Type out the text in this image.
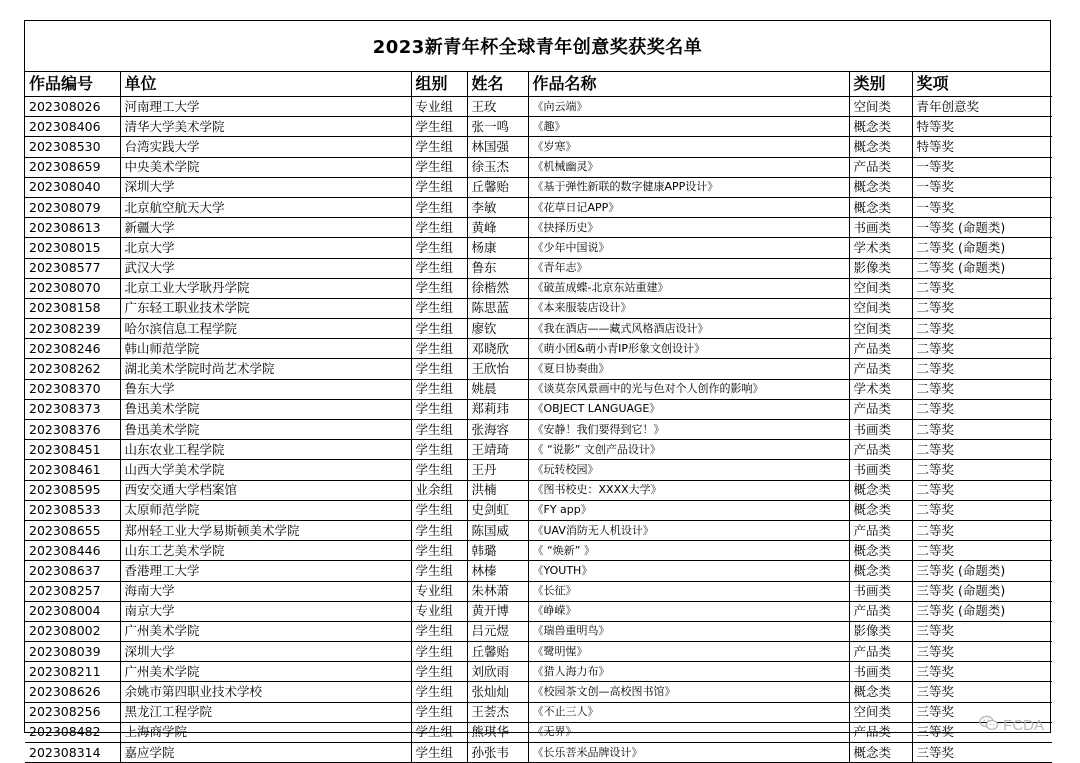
2023新青年杯全球青年创意奖获奖名单
作品编号	单位	组别	姓名	作品名称	类别	奖项
202308026	河南理工大学	专业组	王玫	《向云端》	空间类	青年创意奖
202308406	清华大学美术学院	学生组	张一鸣	《趣》	概念类	特等奖
202308530	台湾实践大学	学生组	林国强	《岁寒》	概念类	特等奖
202308659	中央美术学院	学生组	徐玉杰	《机械幽灵》	产品类	一等奖
202308040	深圳大学	学生组	丘馨贻	《基于弹性新联的数字健康APP设计》	概念类	一等奖
202308079	北京航空航天大学	学生组	李敏	《花草日记APP》	概念类	一等奖
202308613	新疆大学	学生组	黄峰	《抉择历史》	书画类	一等奖 (命题类)
202308015	北京大学	学生组	杨康	《少年中国说》	学术类	二等奖 (命题类)
202308577	武汉大学	学生组	鲁东	《青年志》	影像类	二等奖 (命题类)
202308070	北京工业大学耿丹学院	学生组	徐楷然	《破茧成蝶-北京东站重建》	空间类	二等奖
202308158	广东轻工职业技术学院	学生组	陈思蓝	《本来服装店设计》	空间类	二等奖
202308239	哈尔滨信息工程学院	学生组	廖钦	《我在酒店——藏式风格酒店设计》	空间类	二等奖
202308246	韩山师范学院	学生组	邓晓欣	《萌小团&萌小青IP形象文创设计》	产品类	二等奖
202308262	湖北美术学院时尚艺术学院	学生组	王欣怡	《夏日协奏曲》	产品类	二等奖
202308370	鲁东大学	学生组	姚晨	《谈莫奈风景画中的光与色对个人创作的影响》	学术类	二等奖
202308373	鲁迅美术学院	学生组	郑莉玮	《OBJECT LANGUAGE》	产品类	二等奖
202308376	鲁迅美术学院	学生组	张海容	《安静！我们要得到它！》	书画类	二等奖
202308451	山东农业工程学院	学生组	王靖琦	《 “说影” 文创产品设计》	产品类	二等奖
202308461	山西大学美术学院	学生组	王丹	《玩转校园》	书画类	二等奖
202308595	西安交通大学档案馆	业余组	洪楠	《图书校史：XXXX大学》	概念类	二等奖
202308533	太原师范学院	学生组	史剑虹	《FY app》	概念类	二等奖
202308655	郑州轻工业大学易斯顿美术学院	学生组	陈国威	《UAV消防无人机设计》	产品类	二等奖
202308446	山东工艺美术学院	学生组	韩璐	《 “焕新” 》	概念类	二等奖
202308637	香港理工大学	学生组	林榛	《YOUTH》	概念类	三等奖 (命题类)
202308257	海南大学	专业组	朱林萧	《长征》	书画类	三等奖 (命题类)
202308004	南京大学	专业组	黄开博	《峥嵘》	产品类	三等奖 (命题类)
202308002	广州美术学院	学生组	吕元煜	《瑞兽重明鸟》	影像类	三等奖
202308039	深圳大学	学生组	丘馨贻	《鹭明惺》	产品类	三等奖
202308211	广州美术学院	学生组	刘欣雨	《猎人海力布》	书画类	三等奖
202308626	余姚市第四职业技术学校	学生组	张灿灿	《校园茶文创—高校图书馆》	概念类	三等奖
202308256	黑龙江工程学院	学生组	王荟杰	《不止三人》	空间类	三等奖
202308482	上海商学院	学生组	熊琪华	《无界》	产品类	三等奖
202308314	嘉应学院	学生组	孙张韦	《长乐菩米品牌设计》	概念类	三等奖
FCDA
